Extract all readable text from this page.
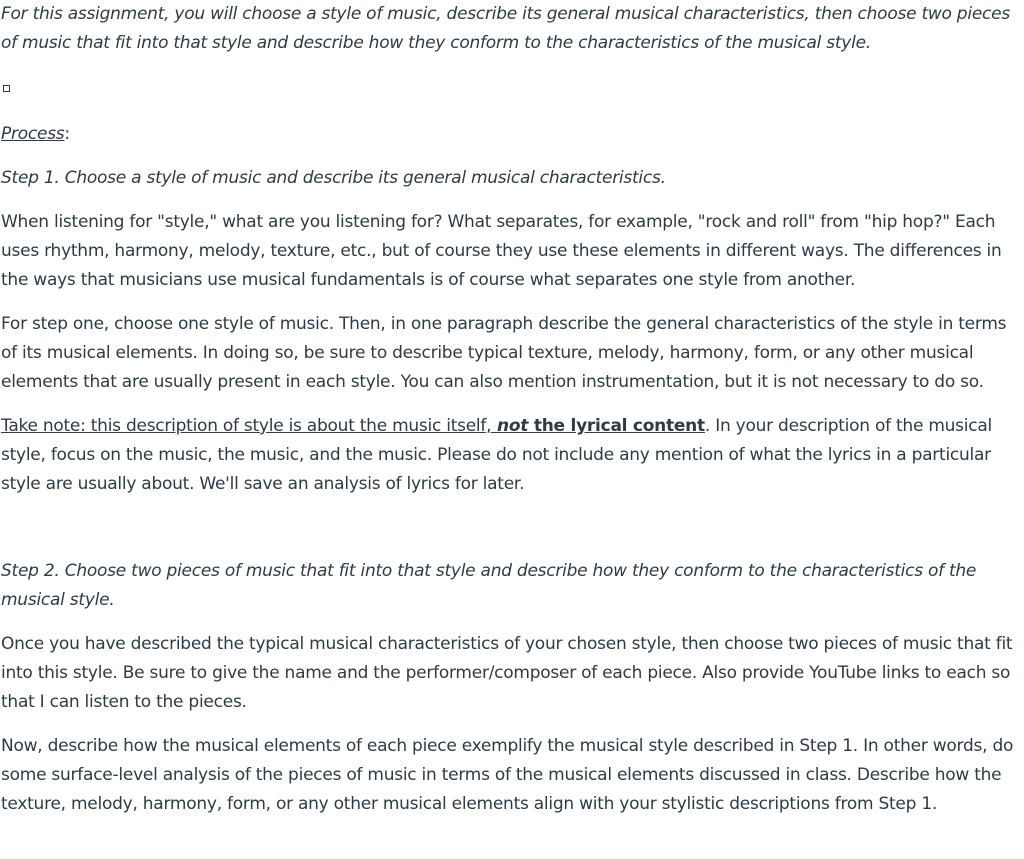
For this assignment, you will choose a style of music, describe its general musical characteristics, then choose two pieces of music that fit into that style and describe how they conform to the characteristics of the musical style.

Process:

Step 1. Choose a style of music and describe its general musical characteristics.

When listening for "style," what are you listening for? What separates, for example, "rock and roll" from "hip hop?" Each uses rhythm, harmony, melody, texture, etc., but of course they use these elements in different ways. The differences in the ways that musicians use musical fundamentals is of course what separates one style from another.

For step one, choose one style of music. Then, in one paragraph describe the general characteristics of the style in terms of its musical elements. In doing so, be sure to describe typical texture, melody, harmony, form, or any other musical elements that are usually present in each style. You can also mention instrumentation, but it is not necessary to do so.

Take note: this description of style is about the music itself, not the lyrical content. In your description of the musical style, focus on the music, the music, and the music. Please do not include any mention of what the lyrics in a particular style are usually about. We'll save an analysis of lyrics for later.

Step 2. Choose two pieces of music that fit into that style and describe how they conform to the characteristics of the musical style.

Once you have described the typical musical characteristics of your chosen style, then choose two pieces of music that fit into this style. Be sure to give the name and the performer/composer of each piece. Also provide YouTube links to each so that I can listen to the pieces.

Now, describe how the musical elements of each piece exemplify the musical style described in Step 1. In other words, do some surface-level analysis of the pieces of music in terms of the musical elements discussed in class. Describe how the texture, melody, harmony, form, or any other musical elements align with your stylistic descriptions from Step 1.
